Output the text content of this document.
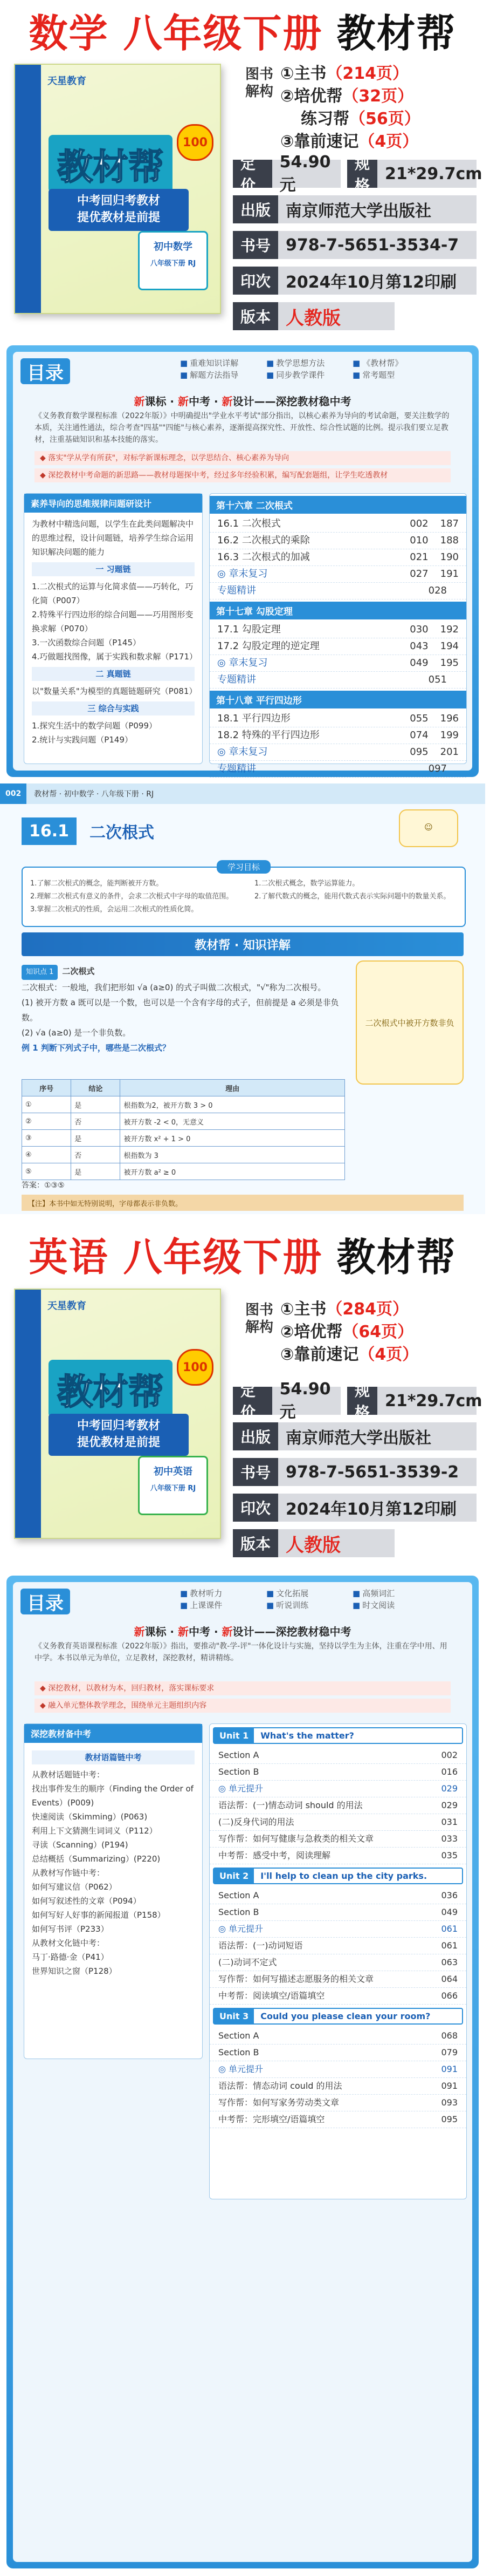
数学 八年级下册 教材帮
天星教育
教材帮
100
中考回归考教材
提优教材是前提
初中数学
八年级下册 RJ
图书解构
①主书（214页）
②培优帮（32页）
练习帮（56页）
③靠前速记（4页）
定价
54.90元
规格
21*29.7cm
出版 南京师范大学出版社
书号 978-7-5651-3534-7
印次 2024年10月第12印刷
版本 人教版
目录	■ 重难知识详解
■ 解题方法指导
■ 教学思想方法
■ 同步教学课件
■ 《教材帮》
■ 常考题型
新课标 · 新中考 · 新设计——深挖教材稳中考
《义务教育数学课程标准（2022年版）》中明确提出"学业水平考试"部分指出，以核心素养为导向的考试命题，要关注数学的本质，关注通性通法，综合考查"四基""四能"与核心素养，逐渐提高探究性、开放性、综合性试题的比例。提示我们要立足教材，注重基础知识和基本技能的落实。
◆ 落实"学从学有所获"，对标学新课标理念，以学思结合、核心素养为导向
◆ 深挖教材中考命题的新思路——教材母题探中考，经过多年经验积累，编写配套题组，让学生吃透教材
素养导向的思维规律问题研设计
为教材中精选问题，以学生在此类问题解决中的思维过程，设计问题链，培养学生综合运用知识解决问题的能力
一 习题链
1.二次根式的运算与化简求值——巧转化，巧化简（P007）
2.特殊平行四边形的综合问题——巧用图形变换求解（P070）
3.一次函数综合问题（P145）
4.巧做题找图像，属于实践和数求解（P171）
二 真题链
以"数量关系"为模型的真题链题研究（P081）
三 综合与实践
1.探究生活中的数学问题（P099）
2.统计与实践问题（P149）
第十六章 二次根式
16.1 二次根式	002 187
16.2 二次根式的乘除	010 188
16.3 二次根式的加减	021 190
◎ 章末复习	027 191
专题精讲	028
第十七章 勾股定理
17.1 勾股定理	030 192
17.2 勾股定理的逆定理	043 194
◎ 章末复习	049 195
专题精讲	051
第十八章 平行四边形
18.1 平行四边形	055 196
18.2 特殊的平行四边形	074 199
◎ 章末复习	095 201
专题精讲	097
002	教材帮 · 初中数学 · 八年级下册 · RJ
16.1	二次根式	☺
学习目标
1.了解二次根式的概念，能判断被开方数。
2.理解二次根式有意义的条件，会求二次根式中字母的取值范围。
3.掌握二次根式的性质，会运用二次根式的性质化简。
1.二次根式概念，数学运算能力。
2.了解代数式的概念，能用代数式表示实际问题中的数量关系。
教材帮 · 知识详解
知识点 1 二次根式
二次根式：一般地，我们把形如 √a (a≥0) 的式子叫做二次根式，"√"称为二次根号。
(1) 被开方数 a 既可以是一个数，也可以是一个含有字母的式子，但前提是 a 必须是非负数。
(2) √a (a≥0) 是一个非负数。
例 1 判断下列式子中，哪些是二次根式？
二次根式中被开方数非负
序号	结论	理由
①	是	根指数为2，被开方数 3 > 0
②	否	被开方数 -2 < 0，无意义
③	是	被开方数 x² + 1 > 0
④	否	根指数为 3
⑤	是	被开方数 a² ≥ 0
答案：①③⑤
【注】本书中如无特别说明，字母都表示非负数。
英语 八年级下册 教材帮
天星教育
教材帮
100
中考回归考教材
提优教材是前提
初中英语
八年级下册 RJ
图书解构
①主书（284页）
②培优帮（64页）
③靠前速记（4页）
定价
54.90元
规格
21*29.7cm
出版 南京师范大学出版社
书号 978-7-5651-3539-2
印次 2024年10月第12印刷
版本 人教版
目录	■ 教材听力
■ 上课课件
■ 文化拓展
■ 听说训练
■ 高频词汇
■ 时文阅读
新课标 · 新中考 · 新设计——深挖教材稳中考
《义务教育英语课程标准（2022年版）》指出，要推动"教-学-评"一体化设计与实施，坚持以学生为主体，注重在学中用、用中学。本书以单元为单位，立足教材，深挖教材，精讲精练。
◆ 深挖教材，以教材为本，回归教材，落实课标要求
◆ 融入单元整体教学理念，围绕单元主题组织内容
深挖教材备中考
教材语篇链中考
从教材话题链中考：
找出事件发生的顺序（Finding the Order of Events）(P009)
快速阅读（Skimming）(P063)
利用上下文猜测生词词义（P112）
寻读（Scanning）(P194)
总结概括（Summarizing）(P220)
从教材写作链中考：
如何写建议信（P062）
如何写叙述性的文章（P094）
如何写好人好事的新闻报道（P158）
如何写书评（P233）
从教材文化链中考：
马丁·路德·金（P41）
世界知识之窗（P128）
Unit 1	What's the matter?
Section A	002
Section B	016
◎ 单元提升	029
语法帮：(一)情态动词 should 的用法	029
(二)反身代词的用法	031
写作帮：如何写健康与急救类的相关文章	033
中考帮：感受中考，阅读理解	035
Unit 2	I'll help to clean up the city parks.
Section A	036
Section B	049
◎ 单元提升	061
语法帮：(一)动词短语	061
(二)动词不定式	063
写作帮：如何写描述志愿服务的相关文章	064
中考帮：阅读填空/语篇填空	066
Unit 3	Could you please clean your room?
Section A	068
Section B	079
◎ 单元提升	091
语法帮：情态动词 could 的用法	091
写作帮：如何写家务劳动类文章	093
中考帮：完形填空/语篇填空	095
